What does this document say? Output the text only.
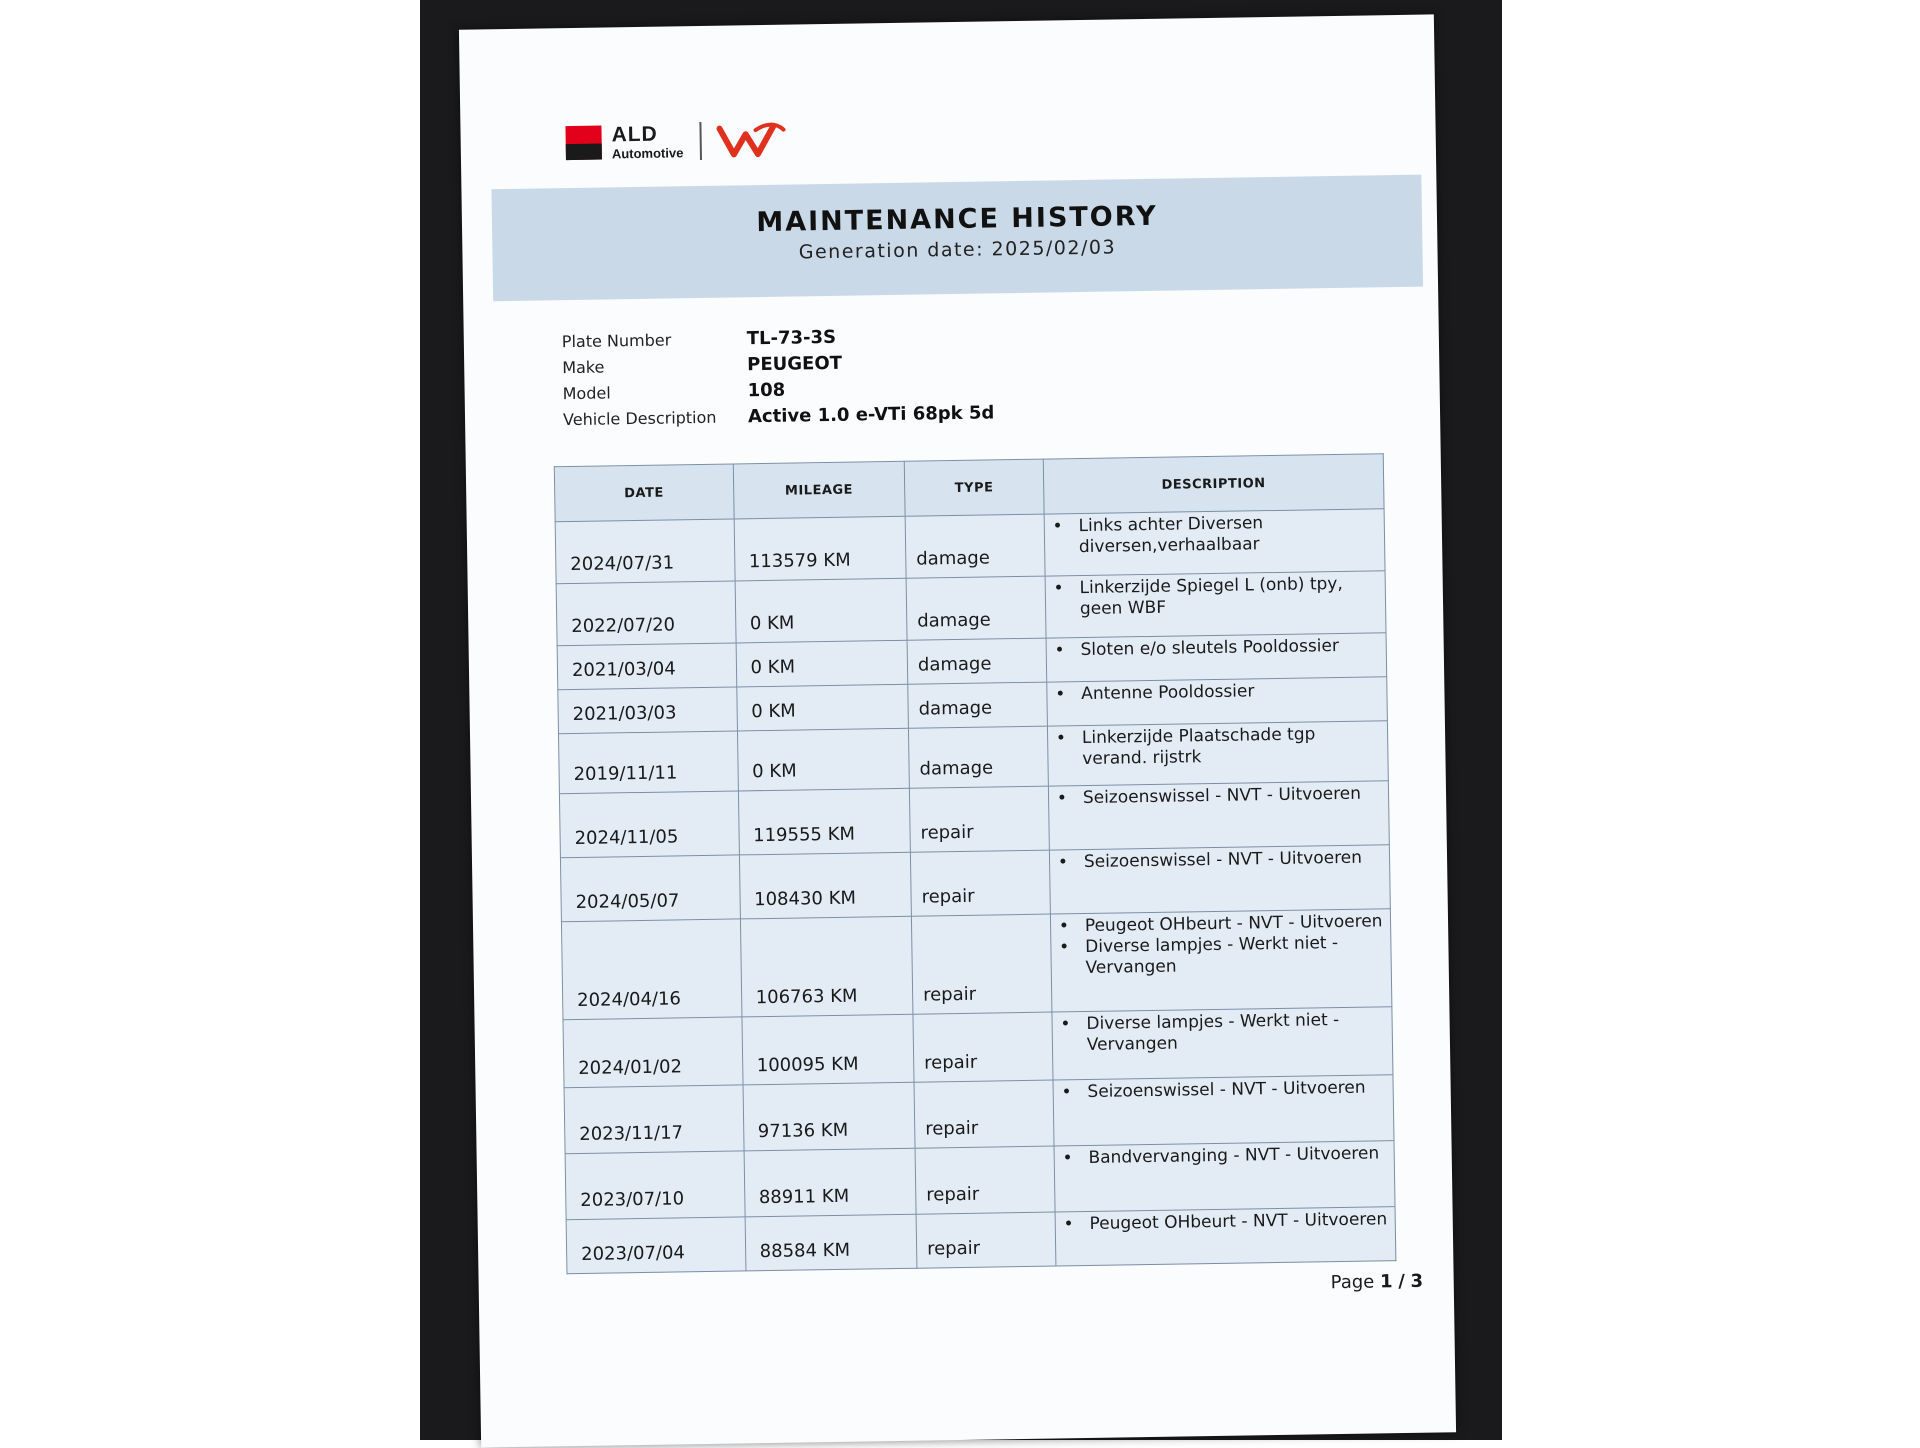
ALD
Automotive
MAINTENANCE HISTORY
Generation date: 2025/02/03
Plate Number	TL-73-3S
Make	PEUGEOT
Model	108
Vehicle Description	Active 1.0 e-VTi 68pk 5d
DATE	MILEAGE	TYPE	DESCRIPTION
2024/07/31	113579 KM	damage	• Links achter Diversen diversen,verhaalbaar

2022/07/20	0 KM	damage	• Linkerzijde Spiegel L (onb) tpy, geen WBF

2021/03/04	0 KM	damage	• Sloten e/o sleutels Pooldossier

2021/03/03	0 KM	damage	• Antenne Pooldossier

2019/11/11	0 KM	damage	• Linkerzijde Plaatschade tgp verand. rijstrk

2024/11/05	119555 KM	repair	• Seizoenswissel - NVT - Uitvoeren

2024/05/07	108430 KM	repair	• Seizoenswissel - NVT - Uitvoeren

2024/04/16	106763 KM	repair	• Peugeot OHbeurt - NVT - Uitvoeren
• Diverse lampjes - Werkt niet - Vervangen

2024/01/02	100095 KM	repair	• Diverse lampjes - Werkt niet - Vervangen

2023/11/17	97136 KM	repair	• Seizoenswissel - NVT - Uitvoeren

2023/07/10	88911 KM	repair	• Bandvervanging - NVT - Uitvoeren

2023/07/04	88584 KM	repair	• Peugeot OHbeurt - NVT - Uitvoeren
Page 1 / 3
